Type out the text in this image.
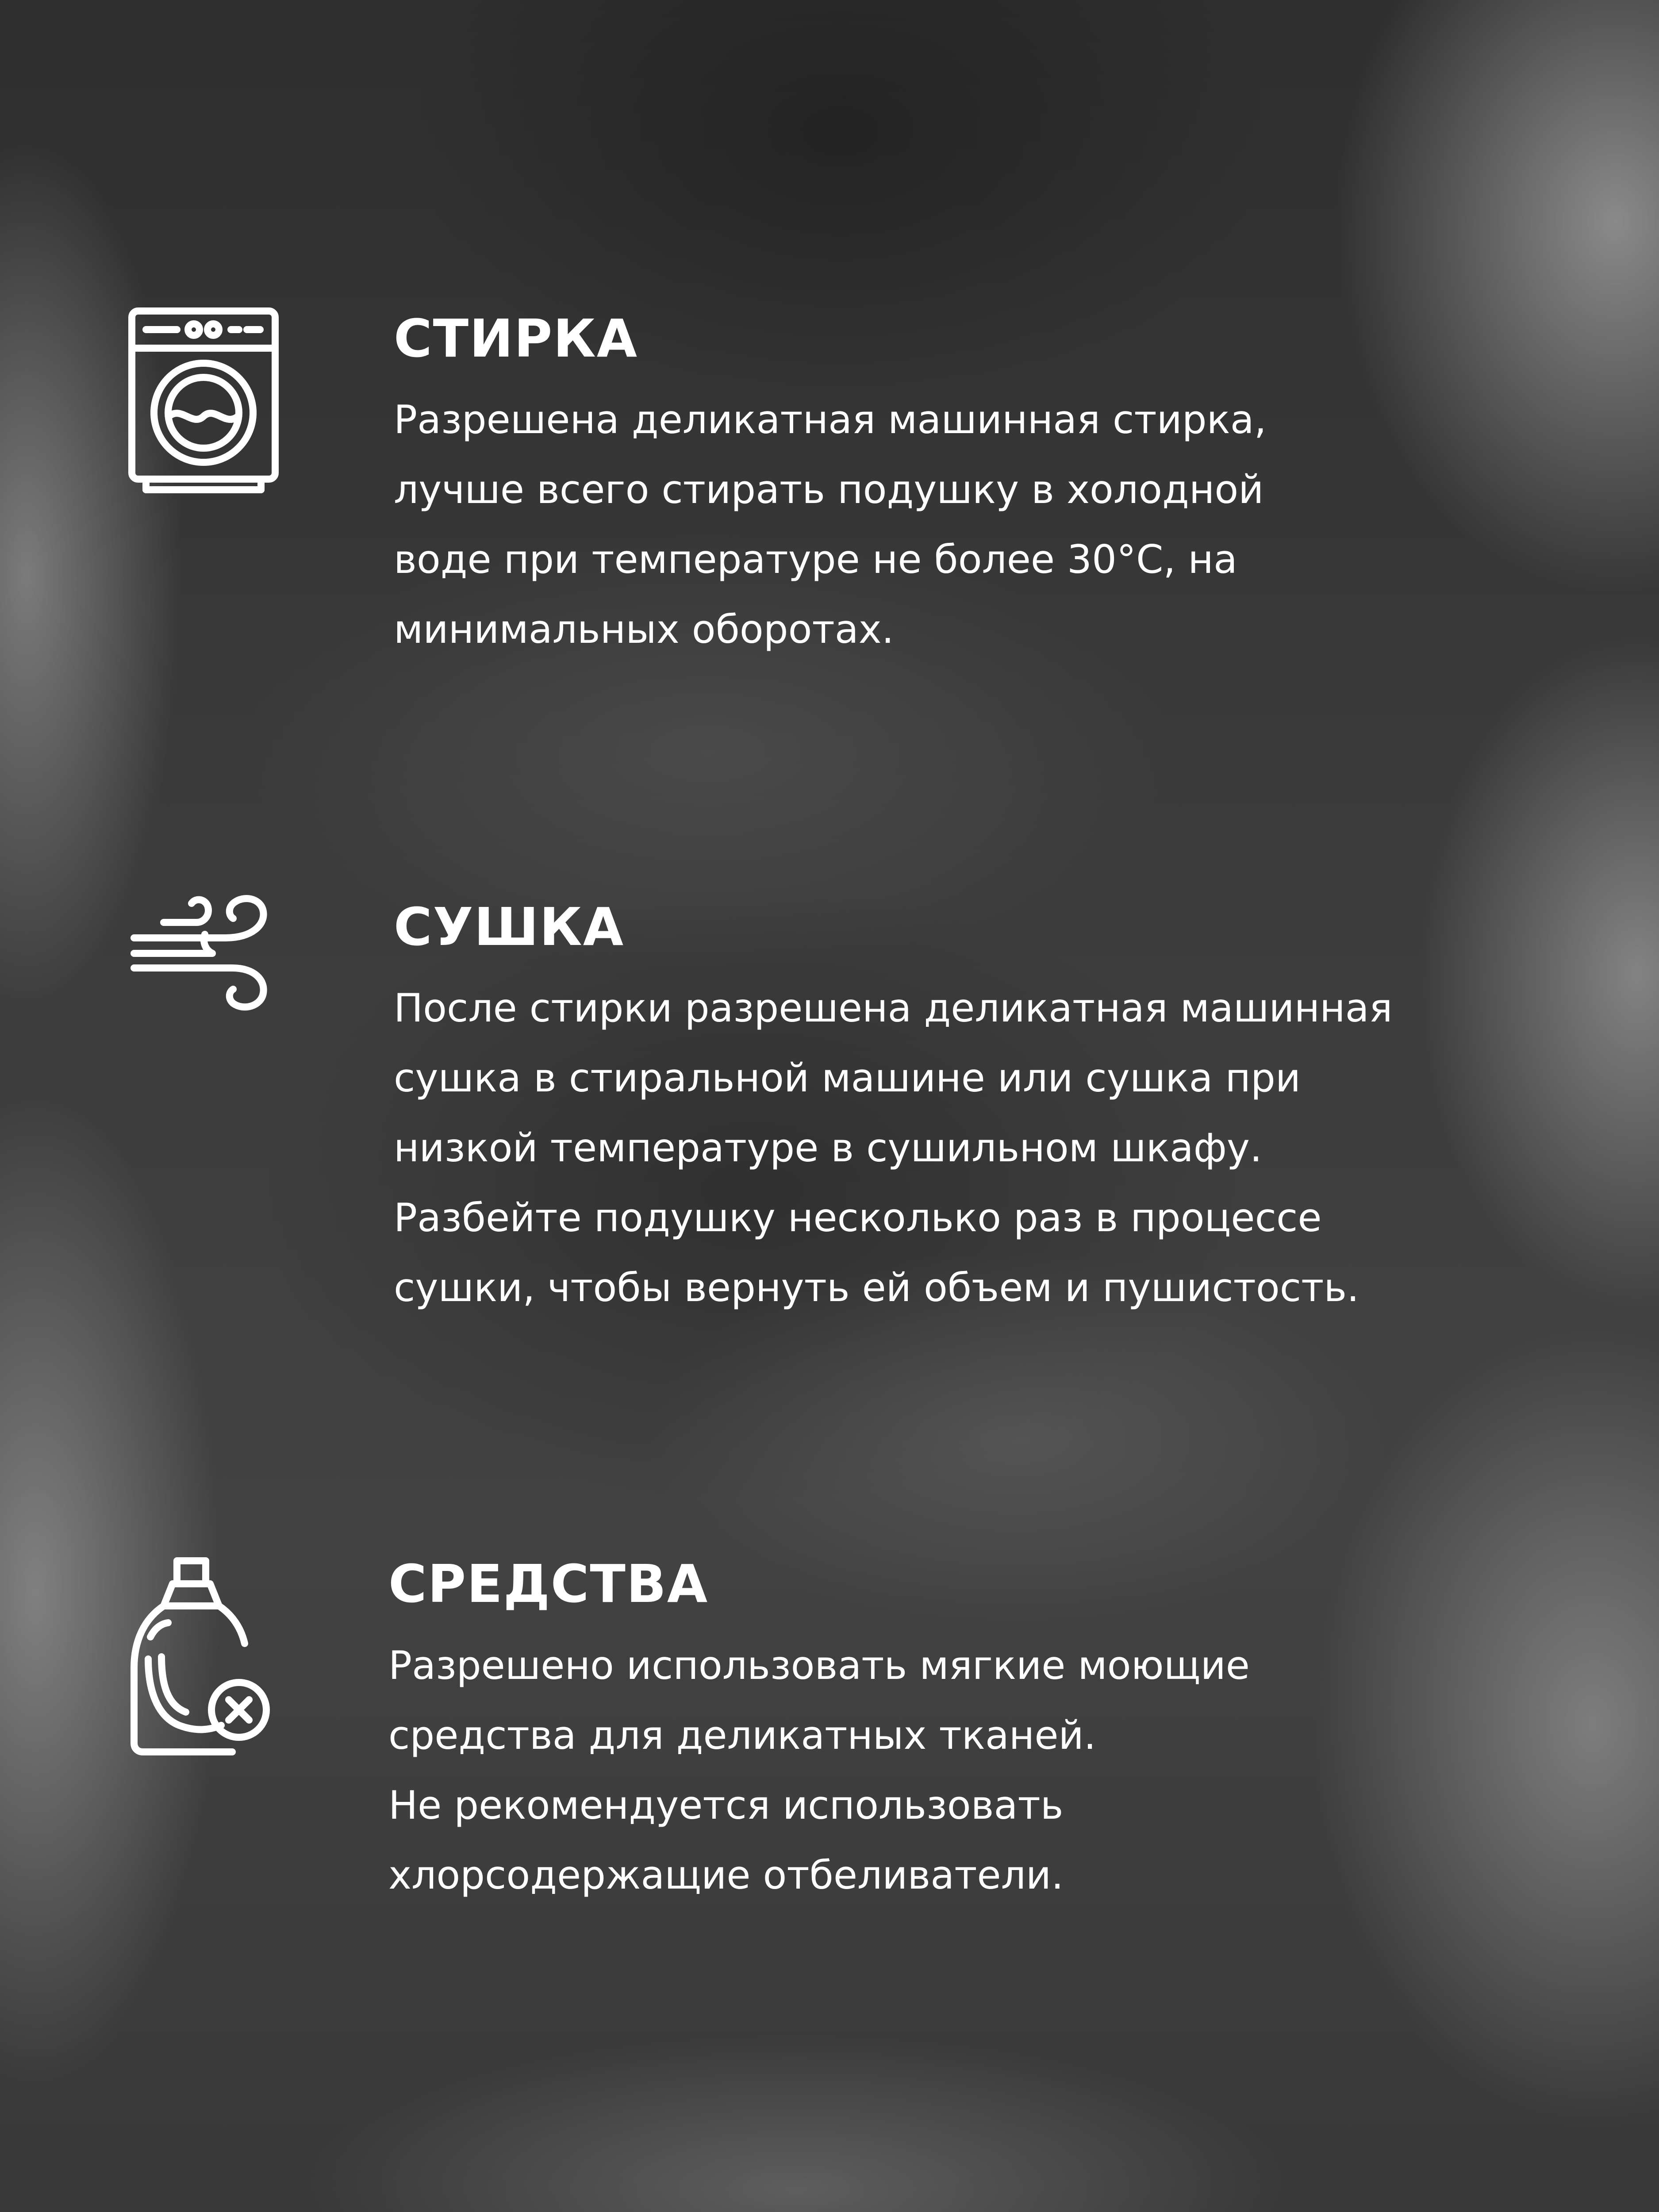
СТИРКА
Разрешена деликатная машинная стирка,
лучше всего стирать подушку в холодной
воде при температуре не более 30°С, на
минимальных оборотах.
СУШКА
После стирки разрешена деликатная машинная
сушка в стиральной машине или сушка при
низкой температуре в сушильном шкафу.
Разбейте подушку несколько раз в процессе
сушки, чтобы вернуть ей объем и пушистость.
СРЕДСТВА
Разрешено использовать мягкие моющие
средства для деликатных тканей.
Не рекомендуется использовать
хлорсодержащие отбеливатели.
